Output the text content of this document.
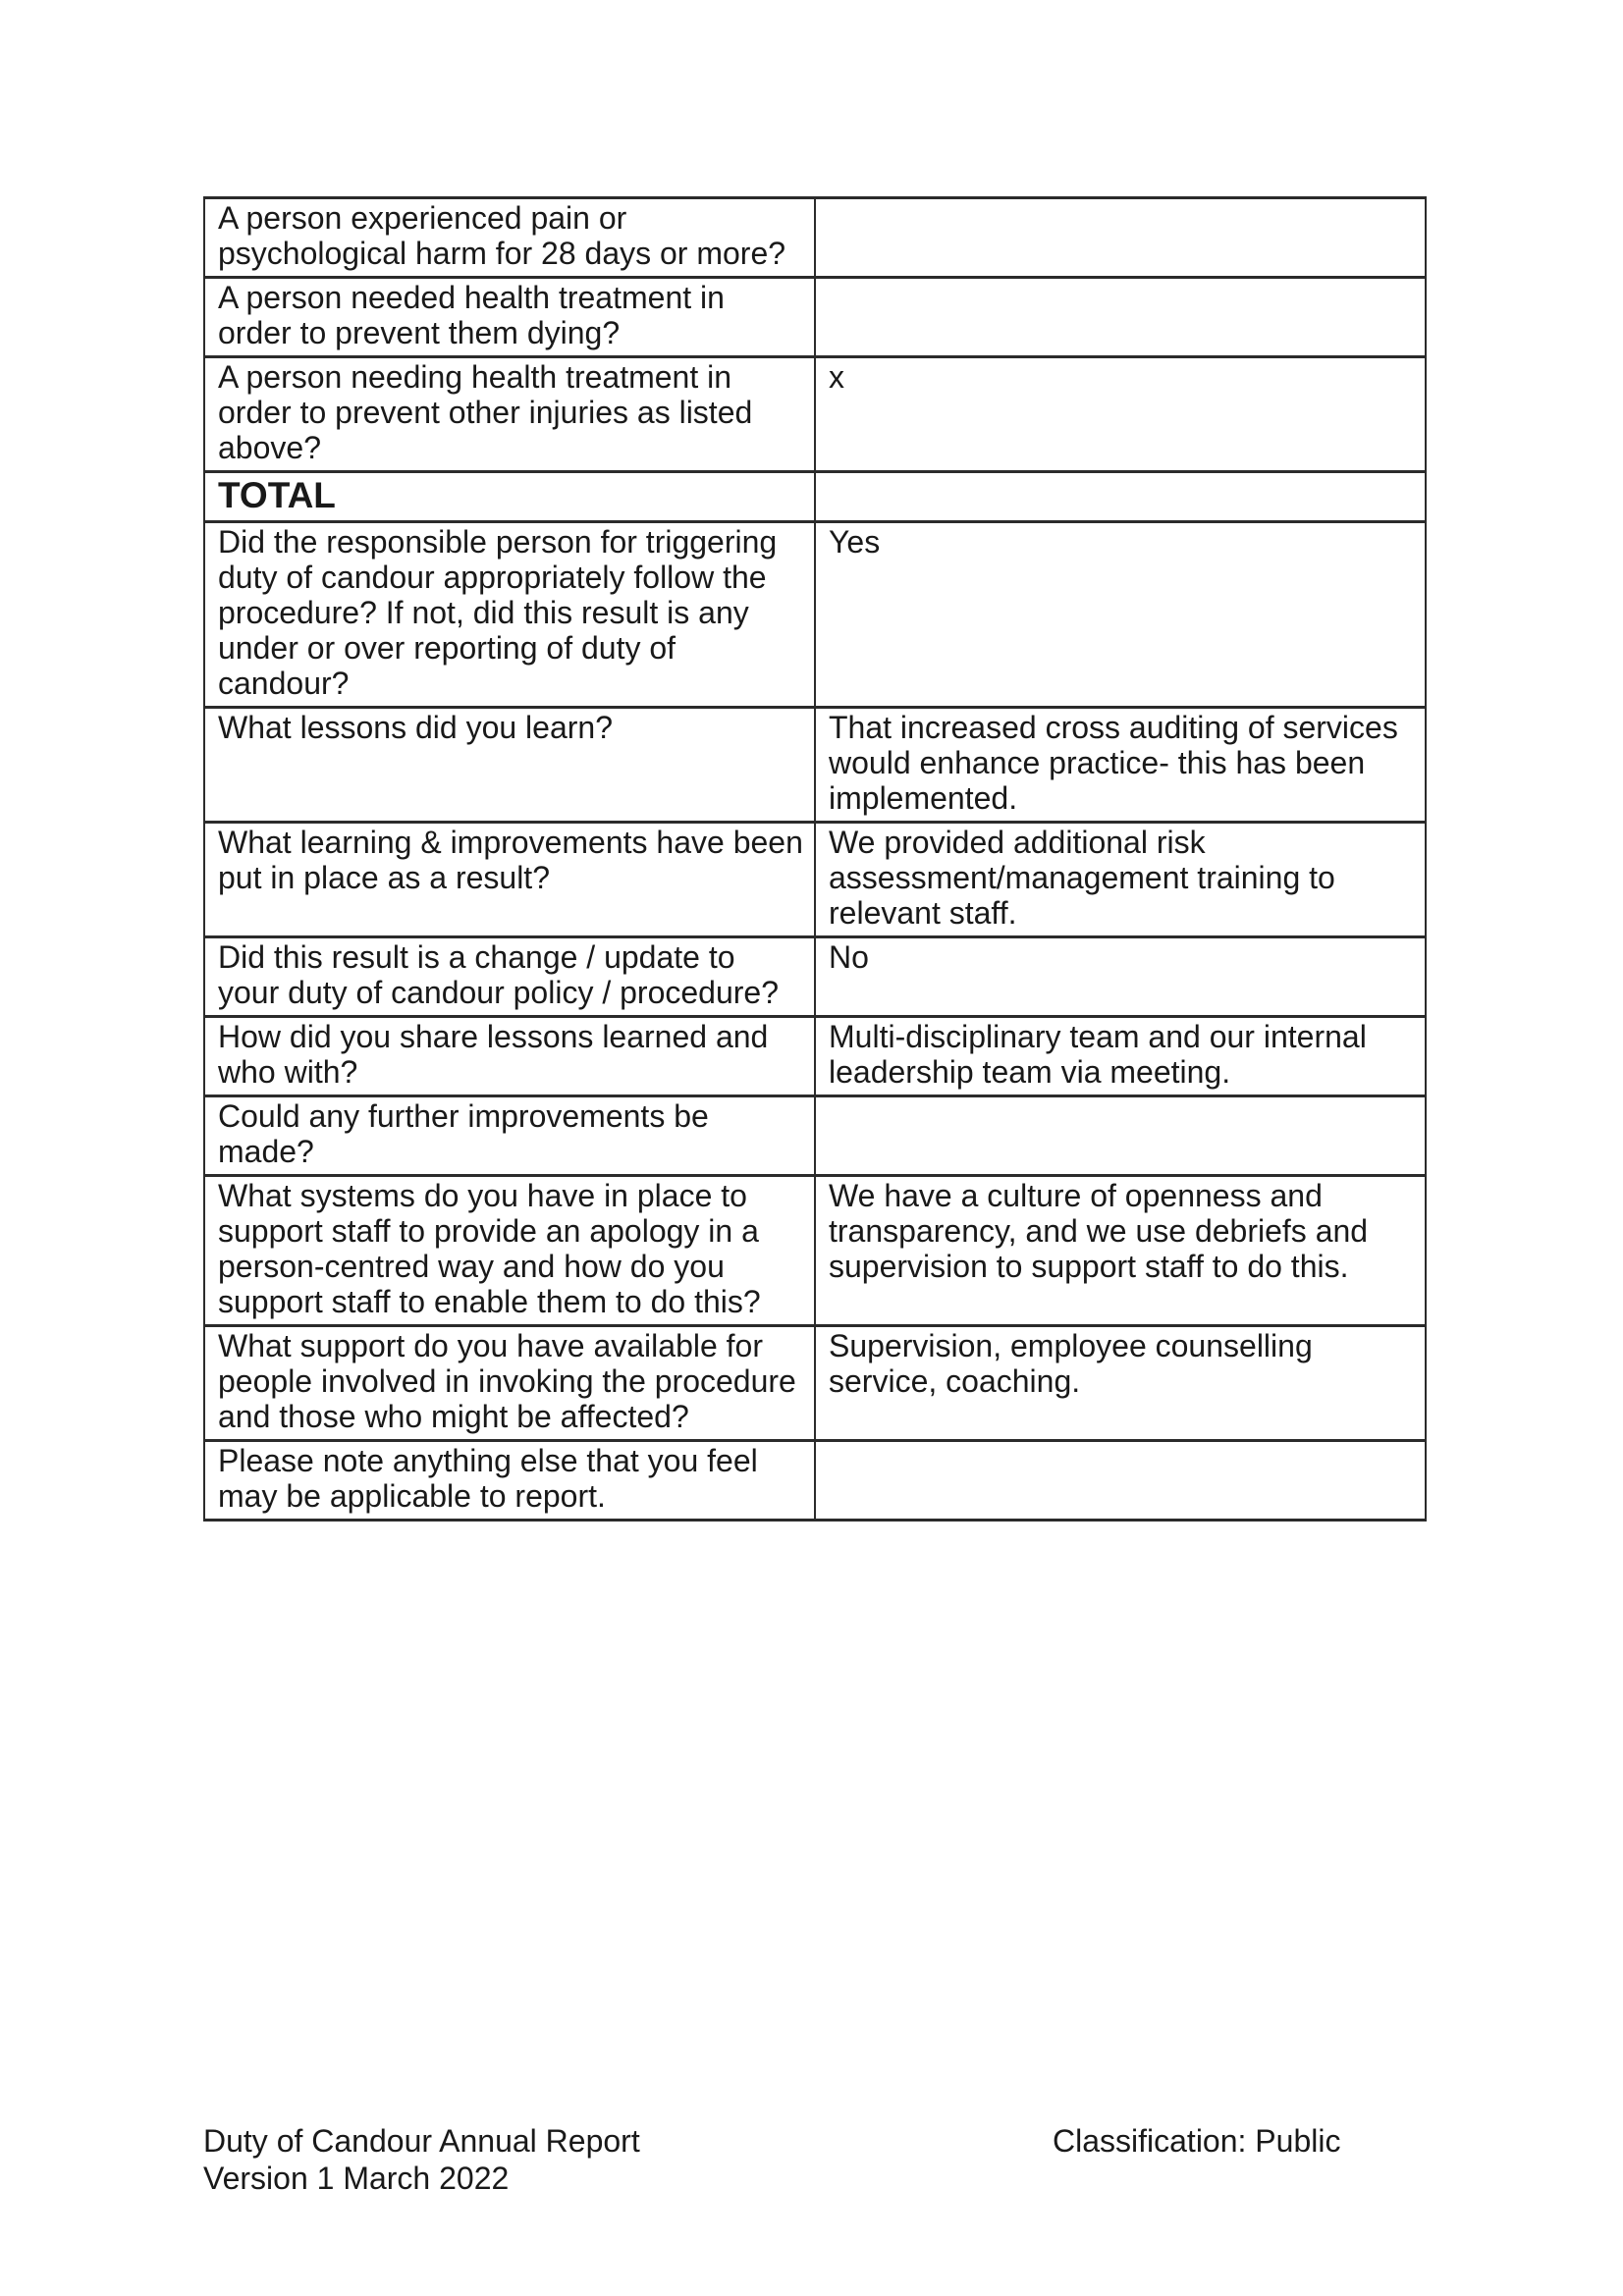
A person experienced pain or psychological harm for 28 days or more?	
A person needed health treatment in order to prevent them dying?	
A person needing health treatment in order to prevent other injuries as listed above?	x
TOTAL	
Did the responsible person for triggering duty of candour appropriately follow the procedure? If not, did this result is any under or over reporting of duty of candour?	Yes
What lessons did you learn?	That increased cross auditing of services would enhance practice- this has been implemented.
What learning & improvements have been put in place as a result?	We provided additional risk assessment/management training to relevant staff.
Did this result is a change / update to your duty of candour policy / procedure?	No
How did you share lessons learned and who with?	Multi-disciplinary team and our internal leadership team via meeting.
Could any further improvements be made?	
What systems do you have in place to support staff to provide an apology in a person-centred way and how do you support staff to enable them to do this?	We have a culture of openness and transparency, and we use debriefs and supervision to support staff to do this.
What support do you have available for people involved in invoking the procedure and those who might be affected?	Supervision, employee counselling service, coaching.
Please note anything else that you feel may be applicable to report.	
Duty of Candour Annual Report
Version 1 March 2022
Classification: Public
